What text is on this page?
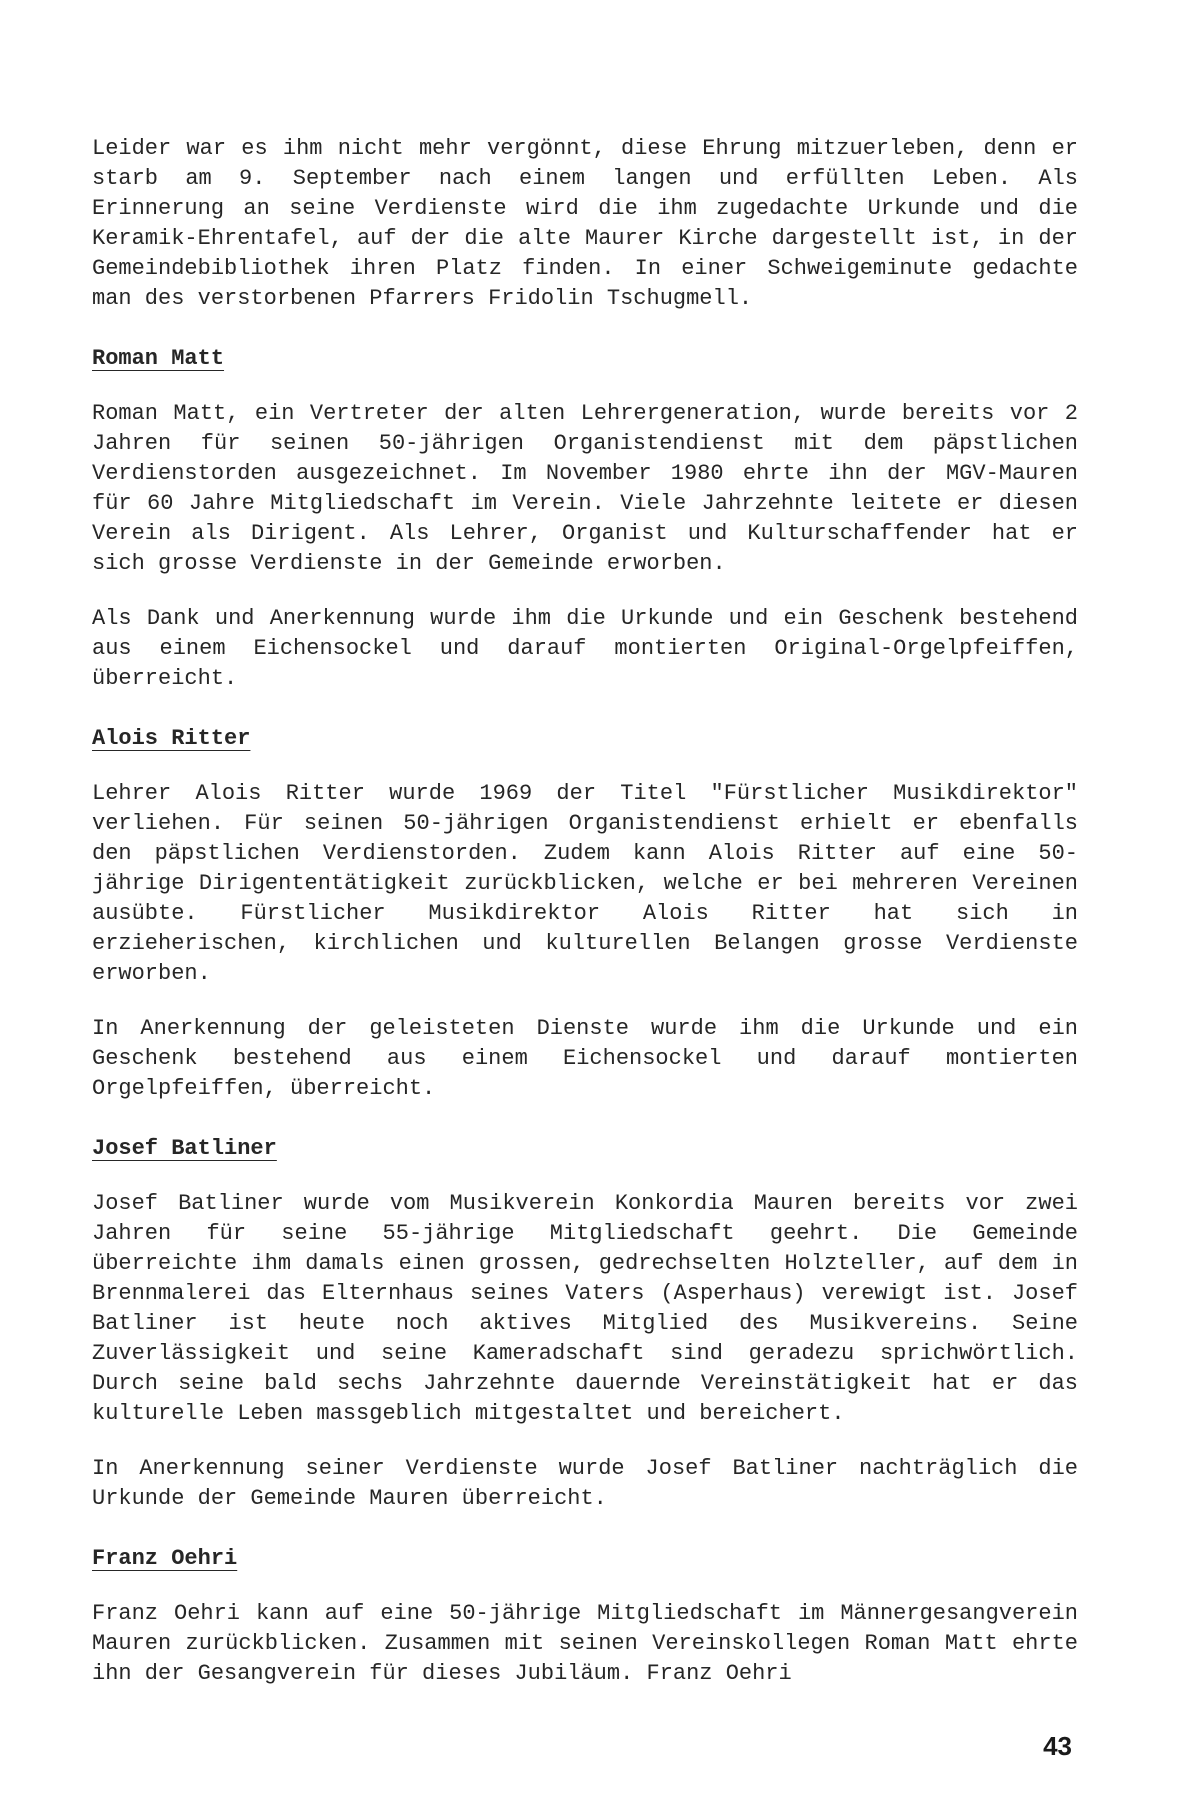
Leider war es ihm nicht mehr vergönnt, diese Ehrung mitzuerleben, denn er starb am 9. September nach einem langen und erfüllten Leben. Als Erinnerung an seine Verdienste wird die ihm zugedachte Urkunde und die Keramik-Ehrentafel, auf der die alte Maurer Kirche dargestellt ist, in der Gemeindebibliothek ihren Platz finden. In einer Schweigeminute gedachte man des verstorbenen Pfarrers Fridolin Tschugmell.

Roman Matt

Roman Matt, ein Vertreter der alten Lehrergeneration, wurde bereits vor 2 Jahren für seinen 50-jährigen Organistendienst mit dem päpstlichen Verdienstorden ausgezeichnet. Im November 1980 ehrte ihn der MGV-Mauren für 60 Jahre Mitgliedschaft im Verein. Viele Jahrzehnte leitete er diesen Verein als Dirigent. Als Lehrer, Organist und Kulturschaffender hat er sich grosse Verdienste in der Gemeinde erworben.

Als Dank und Anerkennung wurde ihm die Urkunde und ein Geschenk bestehend aus einem Eichensockel und darauf montierten Original-Orgelpfeiffen, überreicht.

Alois Ritter

Lehrer Alois Ritter wurde 1969 der Titel "Fürstlicher Musikdirektor" verliehen. Für seinen 50-jährigen Organistendienst erhielt er ebenfalls den päpstlichen Verdienstorden. Zudem kann Alois Ritter auf eine 50-jährige Dirigententätigkeit zurückblicken, welche er bei mehreren Vereinen ausübte. Fürstlicher Musikdirektor Alois Ritter hat sich in erzieherischen, kirchlichen und kulturellen Belangen grosse Verdienste erworben.

In Anerkennung der geleisteten Dienste wurde ihm die Urkunde und ein Geschenk bestehend aus einem Eichensockel und darauf montierten Orgelpfeiffen, überreicht.

Josef Batliner

Josef Batliner wurde vom Musikverein Konkordia Mauren bereits vor zwei Jahren für seine 55-jährige Mitgliedschaft geehrt. Die Gemeinde überreichte ihm damals einen grossen, gedrechselten Holzteller, auf dem in Brennmalerei das Elternhaus seines Vaters (Asperhaus) verewigt ist. Josef Batliner ist heute noch aktives Mitglied des Musikvereins. Seine Zuverlässigkeit und seine Kameradschaft sind geradezu sprichwörtlich. Durch seine bald sechs Jahrzehnte dauernde Vereinstätigkeit hat er das kulturelle Leben massgeblich mitgestaltet und bereichert.

In Anerkennung seiner Verdienste wurde Josef Batliner nachträglich die Urkunde der Gemeinde Mauren überreicht.

Franz Oehri

Franz Oehri kann auf eine 50-jährige Mitgliedschaft im Männergesangverein Mauren zurückblicken. Zusammen mit seinen Vereinskollegen Roman Matt ehrte ihn der Gesangverein für dieses Jubiläum. Franz Oehri

43
